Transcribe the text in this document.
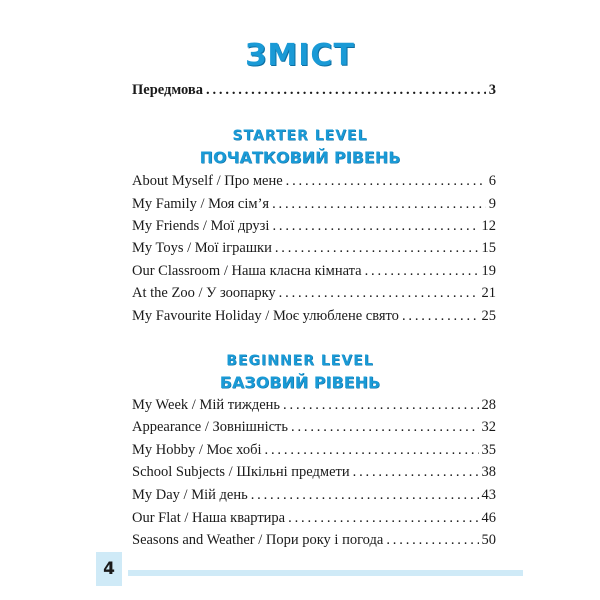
ЗМІСТ
Передмова . . .	3
STARTER LEVEL
ПОЧАТКОВИЙ РІВЕНЬ
About Myself / Про мене . . .	6
My Family / Моя сім’я . . .	9
My Friends / Мої друзі . . .	12
My Toys / Мої іграшки . . .	15
Our Classroom / Наша класна кімната . . .	19
At the Zoo / У зоопарку . . .	21
My Favourite Holiday / Моє улюблене свято . . .	25
BEGINNER LEVEL
БАЗОВИЙ РІВЕНЬ
My Week / Мій тиждень . . .	28
Appearance / Зовнішність . . .	32
My Hobby / Моє хобі . . .	35
School Subjects / Шкільні предмети . . .	38
My Day / Мій день . . .	43
Our Flat / Наша квартира . . .	46
Seasons and Weather / Пори року і погода . . .	50
4
